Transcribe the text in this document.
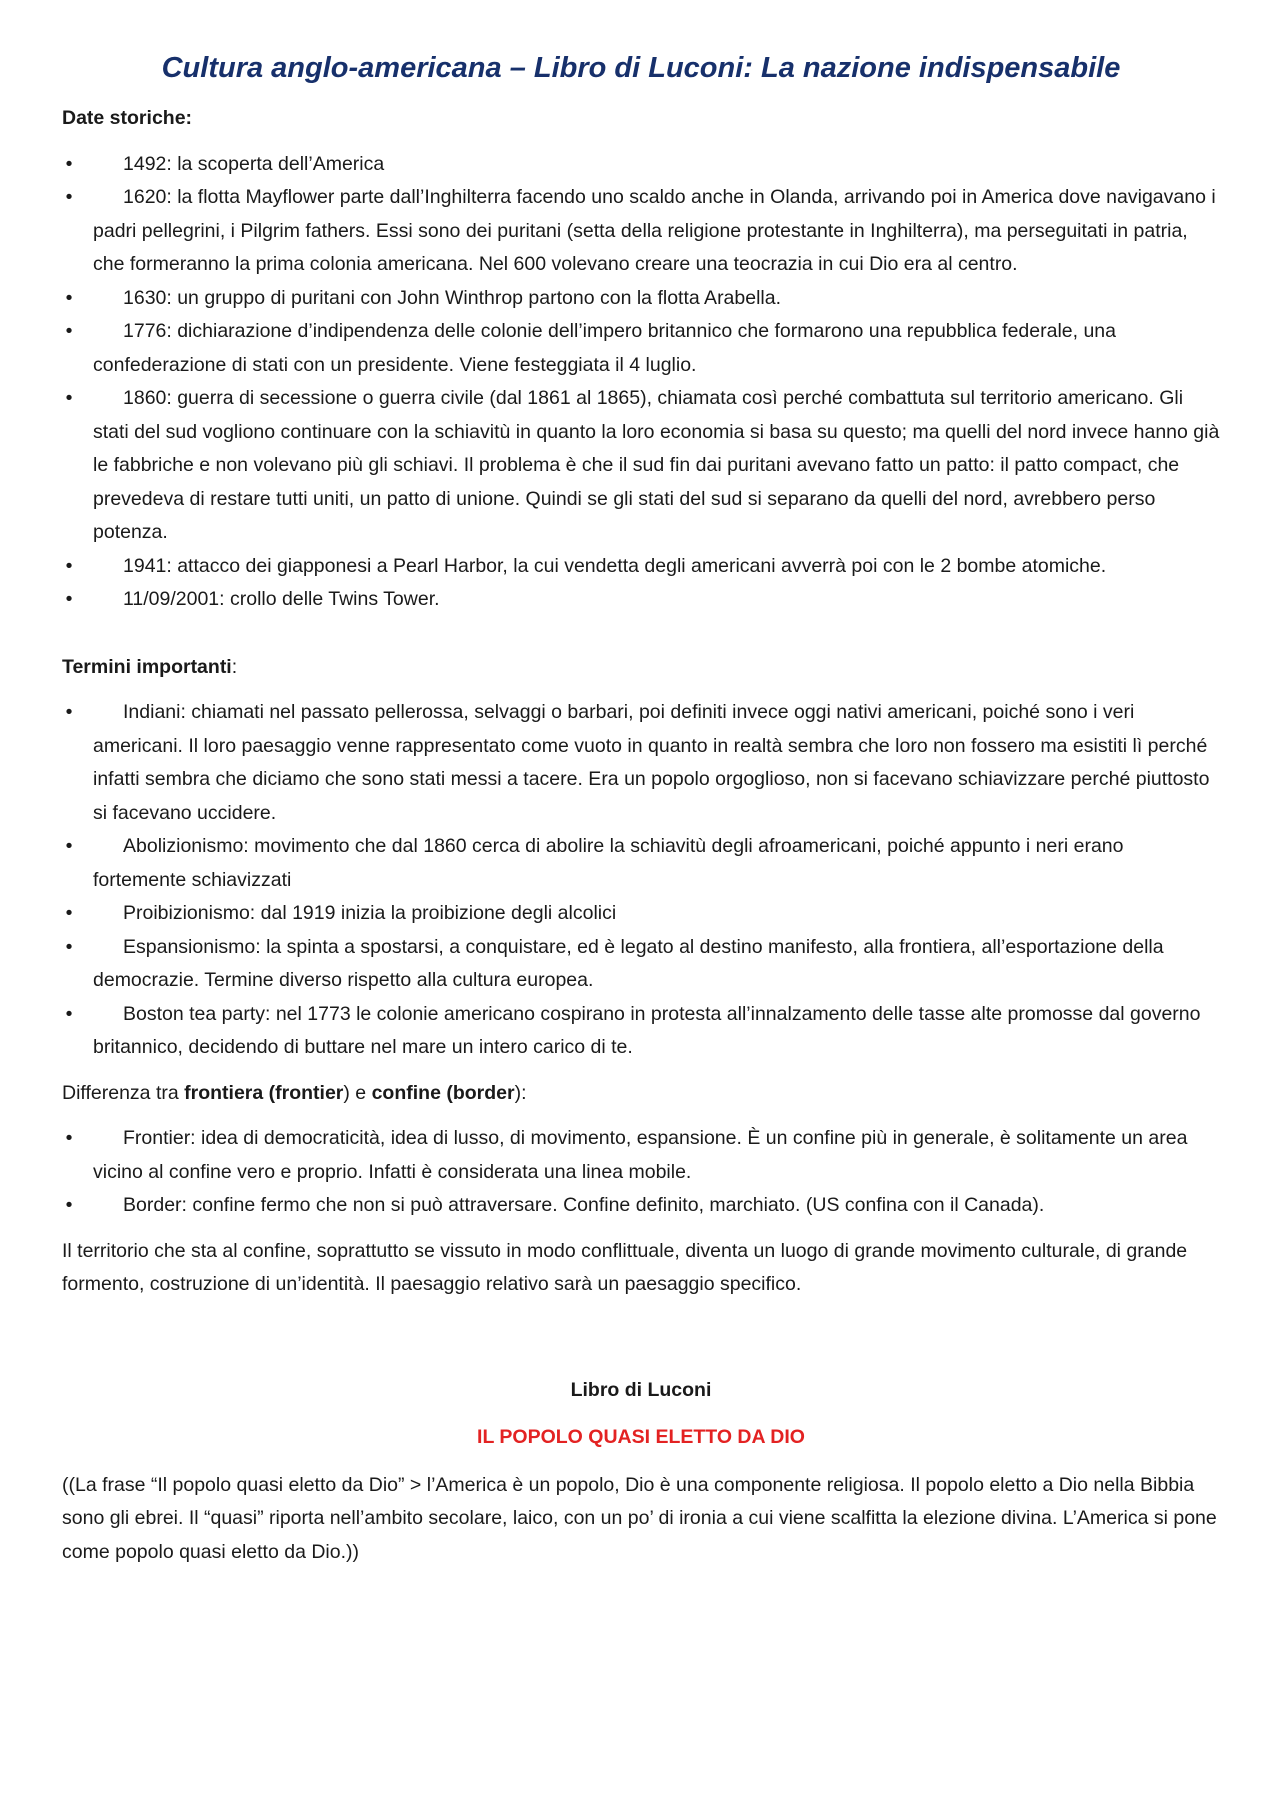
Cultura anglo-americana – Libro di Luconi: La nazione indispensabile
Date storiche:
•	1492: la scoperta dell’America
•	1620: la flotta Mayflower parte dall’Inghilterra facendo uno scaldo anche in Olanda, arrivando poi in America dove navigavano i padri pellegrini, i Pilgrim fathers. Essi sono dei puritani (setta della religione protestante in Inghilterra), ma perseguitati in patria, che formeranno la prima colonia americana. Nel 600 volevano creare una teocrazia in cui Dio era al centro.
•	1630: un gruppo di puritani con John Winthrop partono con la flotta Arabella.
•	1776: dichiarazione d’indipendenza delle colonie dell’impero britannico che formarono una repubblica federale, una confederazione di stati con un presidente. Viene festeggiata il 4 luglio.
•	1860: guerra di secessione o guerra civile (dal 1861 al 1865), chiamata così perché combattuta sul territorio americano. Gli stati del sud vogliono continuare con la schiavitù in quanto la loro economia si basa su questo; ma quelli del nord invece hanno già le fabbriche e non volevano più gli schiavi. Il problema è che il sud fin dai puritani avevano fatto un patto: il patto compact, che prevedeva di restare tutti uniti, un patto di unione. Quindi se gli stati del sud si separano da quelli del nord, avrebbero perso potenza.
•	1941: attacco dei giapponesi a Pearl Harbor, la cui vendetta degli americani avverrà poi con le 2 bombe atomiche.
•	11/09/2001: crollo delle Twins Tower.
Termini importanti:
•	Indiani: chiamati nel passato pellerossa, selvaggi o barbari, poi definiti invece oggi nativi americani, poiché sono i veri americani. Il loro paesaggio venne rappresentato come vuoto in quanto in realtà sembra che loro non fossero ma esistiti lì perché infatti sembra che diciamo che sono stati messi a tacere. Era un popolo orgoglioso, non si facevano schiavizzare perché piuttosto si facevano uccidere.
•	Abolizionismo: movimento che dal 1860 cerca di abolire la schiavitù degli afroamericani, poiché appunto i neri erano fortemente schiavizzati
•	Proibizionismo: dal 1919 inizia la proibizione degli alcolici
•	Espansionismo: la spinta a spostarsi, a conquistare, ed è legato al destino manifesto, alla frontiera, all’esportazione della democrazie. Termine diverso rispetto alla cultura europea.
•	Boston tea party: nel 1773 le colonie americano cospirano in protesta all’innalzamento delle tasse alte promosse dal governo britannico, decidendo di buttare nel mare un intero carico di te.
Differenza tra frontiera (frontier) e confine (border):
•	Frontier: idea di democraticità, idea di lusso, di movimento, espansione. È un confine più in generale, è solitamente un area vicino al confine vero e proprio. Infatti è considerata una linea mobile.
•	Border: confine fermo che non si può attraversare. Confine definito, marchiato. (US confina con il Canada).

Il territorio che sta al confine, soprattutto se vissuto in modo conflittuale, diventa un luogo di grande movimento culturale, di grande formento, costruzione di un’identità. Il paesaggio relativo sarà un paesaggio specifico.

Libro di Luconi
IL POPOLO QUASI ELETTO DA DIO

((La frase “Il popolo quasi eletto da Dio” > l’America è un popolo, Dio è una componente religiosa. Il popolo eletto a Dio nella Bibbia sono gli ebrei. Il “quasi” riporta nell’ambito secolare, laico, con un po’ di ironia a cui viene scalfitta la elezione divina. L’America si pone come popolo quasi eletto da Dio.))
